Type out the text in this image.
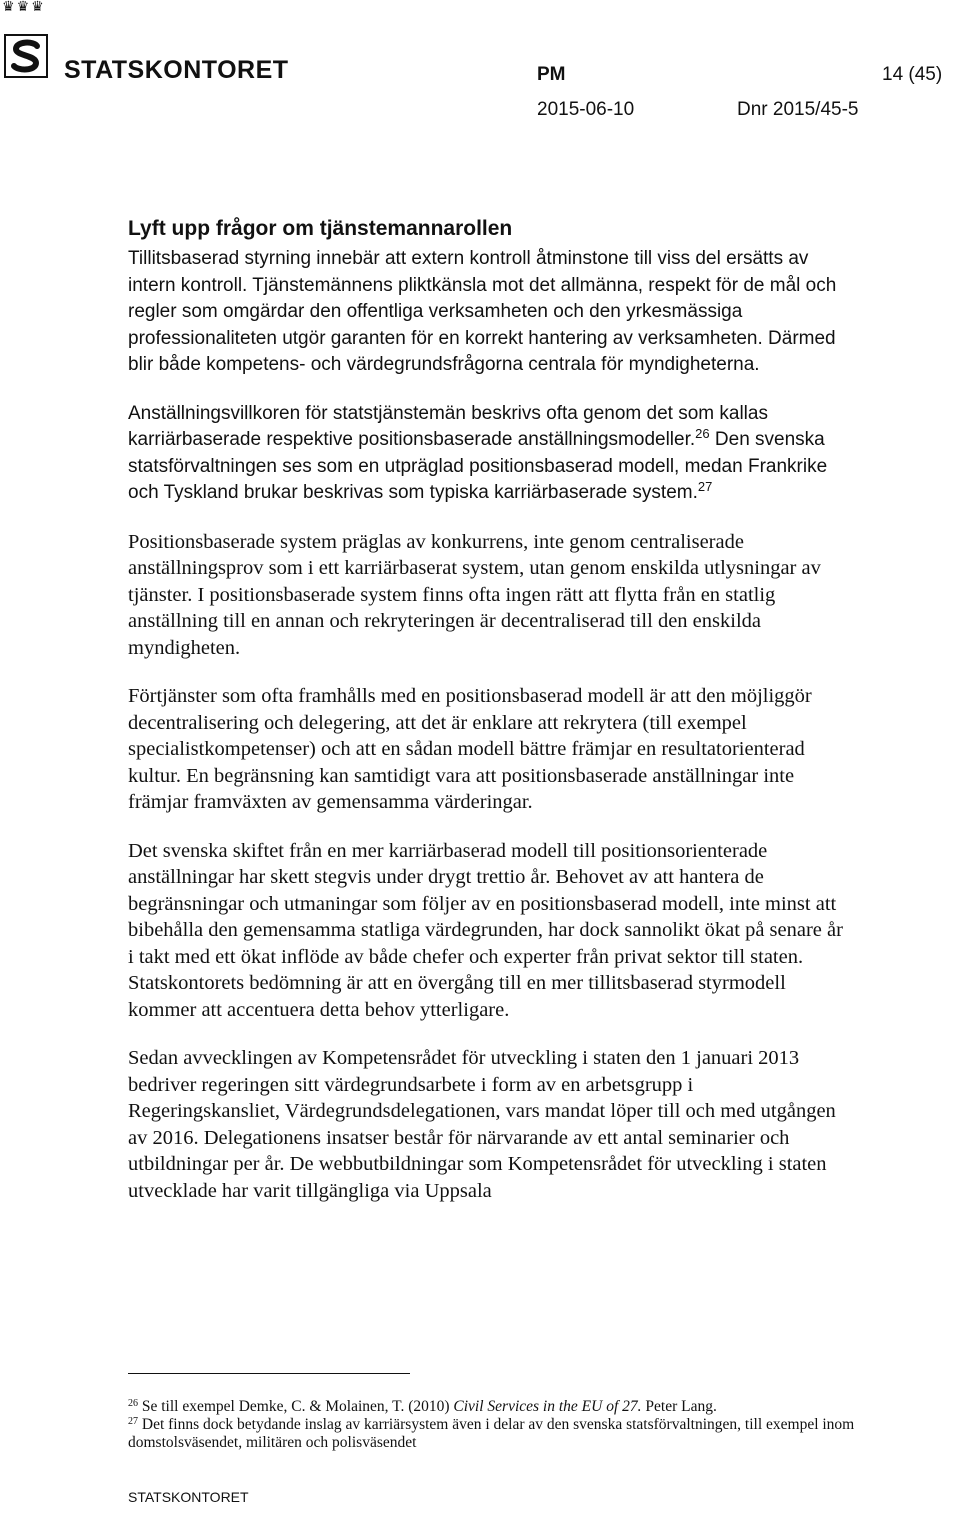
♛ ♛ ♛
STATSKONTORET	PM	14 (45)
2015-06-10	Dnr 2015/45-5
Lyft upp frågor om tjänstemannarollen

Tillitsbaserad styrning innebär att extern kontroll åtminstone till viss del ersätts av intern kontroll. Tjänstemännens pliktkänsla mot det allmänna, respekt för de mål och regler som omgärdar den offentliga verksamheten och den yrkesmässiga professionaliteten utgör garanten för en korrekt hantering av verksamheten. Därmed blir både kompetens- och värdegrundsfrågorna centrala för myndigheterna.

Anställningsvillkoren för statstjänstemän beskrivs ofta genom det som kallas karriärbaserade respektive positionsbaserade anställningsmodeller.$^{26}$ Den svenska statsförvaltningen ses som en utpräglad positionsbaserad modell, medan Frankrike och Tyskland brukar beskrivas som typiska karriärbaserade system.$^{27}$

Positionsbaserade system präglas av konkurrens, inte genom centraliserade anställningsprov som i ett karriärbaserat system, utan genom enskilda utlysningar av tjänster. I positionsbaserade system finns ofta ingen rätt att flytta från en statlig anställning till en annan och rekryteringen är decentraliserad till den enskilda myndigheten.

Förtjänster som ofta framhålls med en positionsbaserad modell är att den möjliggör decentralisering och delegering, att det är enklare att rekrytera (till exempel specialistkompetenser) och att en sådan modell bättre främjar en resultatorienterad kultur. En begränsning kan samtidigt vara att positionsbaserade anställningar inte främjar framväxten av gemensamma värderingar.

Det svenska skiftet från en mer karriärbaserad modell till positionsorienterade anställningar har skett stegvis under drygt trettio år. Behovet av att hantera de begränsningar och utmaningar som följer av en positionsbaserad modell, inte minst att bibehålla den gemensamma statliga värdegrunden, har dock sannolikt ökat på senare år i takt med ett ökat inflöde av både chefer och experter från privat sektor till staten. Statskontorets bedömning är att en övergång till en mer tillitsbaserad styrmodell kommer att accentuera detta behov ytterligare.

Sedan avvecklingen av Kompetensrådet för utveckling i staten den 1 januari 2013 bedriver regeringen sitt värdegrundsarbete i form av en arbetsgrupp i Regeringskansliet, Värdegrundsdelegationen, vars mandat löper till och med utgången av 2016. Delegationens insatser består för närvarande av ett antal seminarier och utbildningar per år. De webbutbildningar som Kompetensrådet för utveckling i staten utvecklade har varit tillgängliga via Uppsala

$^{26}$ Se till exempel Demke, C. & Molainen, T. (2010) Civil Services in the EU of 27. Peter Lang.

$^{27}$ Det finns dock betydande inslag av karriärsystem även i delar av den svenska statsförvaltningen, till exempel inom domstolsväsendet, militären och polisväsendet

STATSKONTORET
